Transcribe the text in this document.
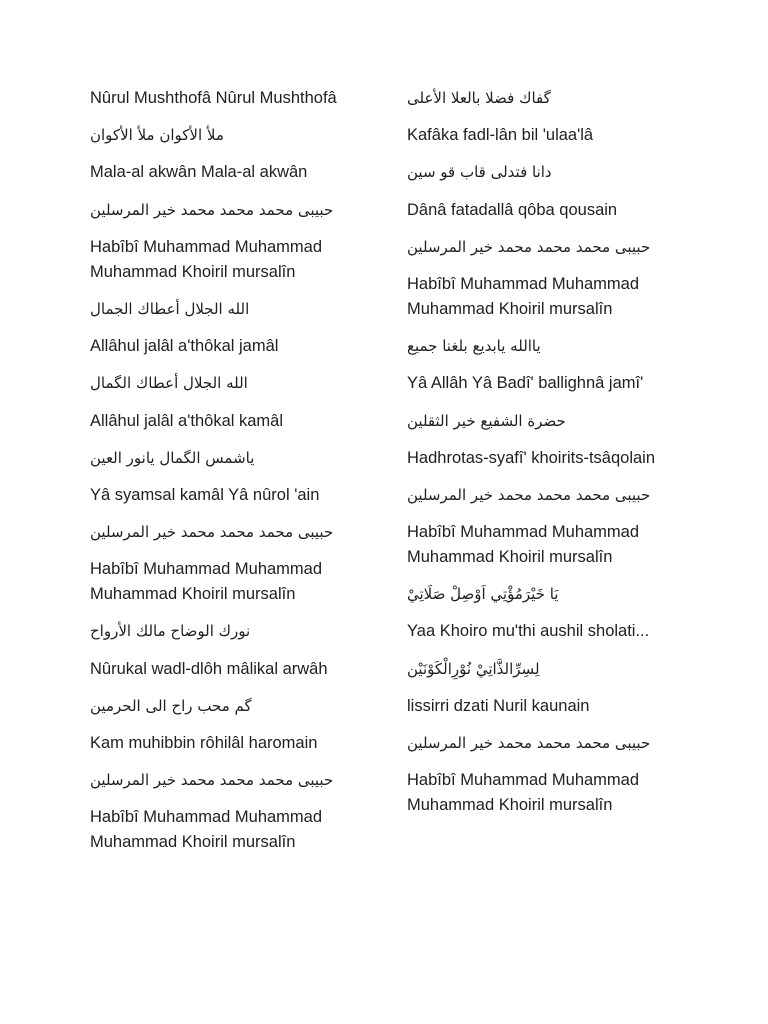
Nûrul Mushthofâ Nûrul Mushthofâ

ملأ الأكوان ملأ الأكوان

Mala-al akwân Mala-al akwân

حبيبى محمد محمد محمد خير المرسلين

Habîbî Muhammad Muhammad Muhammad Khoiril mursalîn

الله الجلال أعطاك الجمال

Allâhul jalâl a'thôkal jamâl

الله الجلال أعطاك الگمال

Allâhul jalâl a'thôkal kamâl

ياشمس الگمال يانور العين

Yâ syamsal kamâl Yâ nûrol 'ain

حبيبى محمد محمد محمد خير المرسلين

Habîbî Muhammad Muhammad Muhammad Khoiril mursalîn

نورك الوضاح مالك الأرواح

Nûrukal wadl-dlôh mâlikal arwâh

گم محب راح الى الحرمين

Kam muhibbin rôhilâl haromain

حبيبى محمد محمد محمد خير المرسلين

Habîbî Muhammad Muhammad Muhammad Khoiril mursalîn

گفاك فضلا بالعلا الأعلى

Kafâka fadl-lân bil 'ulaa'lâ

دانا فتدلى قاب قو سين

Dânâ fatadallâ qôba qousain

حبيبى محمد محمد محمد خير المرسلين

Habîbî Muhammad Muhammad Muhammad Khoiril mursalîn

ياالله يابديع بلغنا جميع

Yâ Allâh Yâ Badî' ballighnâ jamî'

حضرة الشفيع خير الثقلين

Hadhrotas-syafî' khoirits-tsâqolain

حبيبى محمد محمد محمد خير المرسلين

Habîbî Muhammad Muhammad Muhammad Khoiril mursalîn

يَا خَيْرَمُؤْتِي اَوْصِلْ صَلَاتِيْ

Yaa Khoiro mu'thi aushil sholati...

لِسِرِّالذَّاتِيْ نُوْرِالْكَوْنَيْن

lissirri dzati Nuril kaunain

حبيبى محمد محمد محمد خير المرسلين

Habîbî Muhammad Muhammad Muhammad Khoiril mursalîn
